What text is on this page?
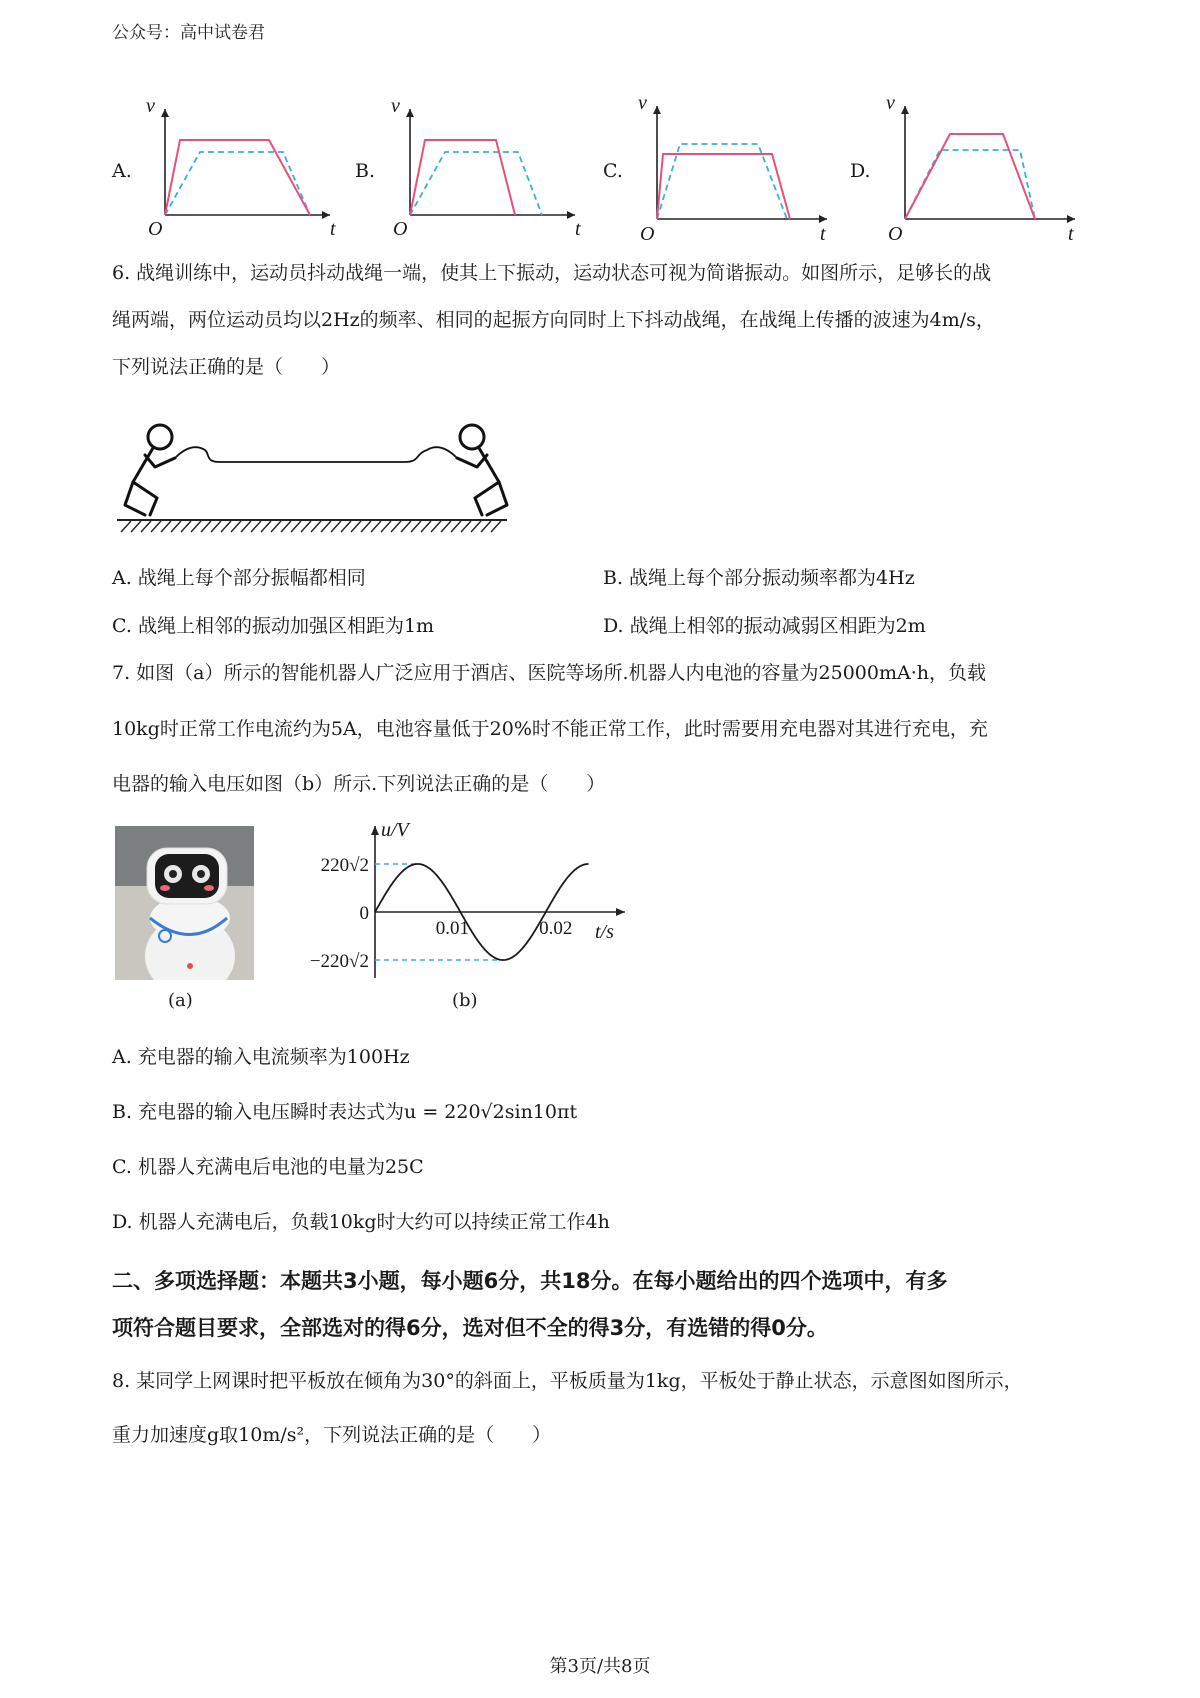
公众号：高中试卷君
A.	B.	C.	D.
v
t
O
v
t
O
v
t
O
v
t
O
6. 战绳训练中，运动员抖动战绳一端，使其上下振动，运动状态可视为简谐振动。如图所示，足够长的战
绳两端，两位运动员均以2Hz的频率、相同的起振方向同时上下抖动战绳，在战绳上传播的波速为4m/s，
下列说法正确的是（　　）
A. 战绳上每个部分振幅都相同	B. 战绳上每个部分振动频率都为4Hz
C. 战绳上相邻的振动加强区相距为1m	D. 战绳上相邻的振动减弱区相距为2m
7. 如图（a）所示的智能机器人广泛应用于酒店、医院等场所.机器人内电池的容量为25000mA·h，负载
10kg时正常工作电流约为5A，电池容量低于20%时不能正常工作，此时需要用充电器对其进行充电，充
电器的输入电压如图（b）所示.下列说法正确的是（　　）
(a)
u/V
t/s
220√2
0
−220√2
0.01	0.02
(b)
A. 充电器的输入电流频率为100Hz
B. 充电器的输入电压瞬时表达式为u = 220√2sin10πt
C. 机器人充满电后电池的电量为25C
D. 机器人充满电后，负载10kg时大约可以持续正常工作4h
二、多项选择题：本题共3小题，每小题6分，共18分。在每小题给出的四个选项中，有多
项符合题目要求，全部选对的得6分，选对但不全的得3分，有选错的得0分。
8. 某同学上网课时把平板放在倾角为30°的斜面上，平板质量为1kg，平板处于静止状态，示意图如图所示，
重力加速度g取10m/s²，下列说法正确的是（　　）
第3页/共8页
